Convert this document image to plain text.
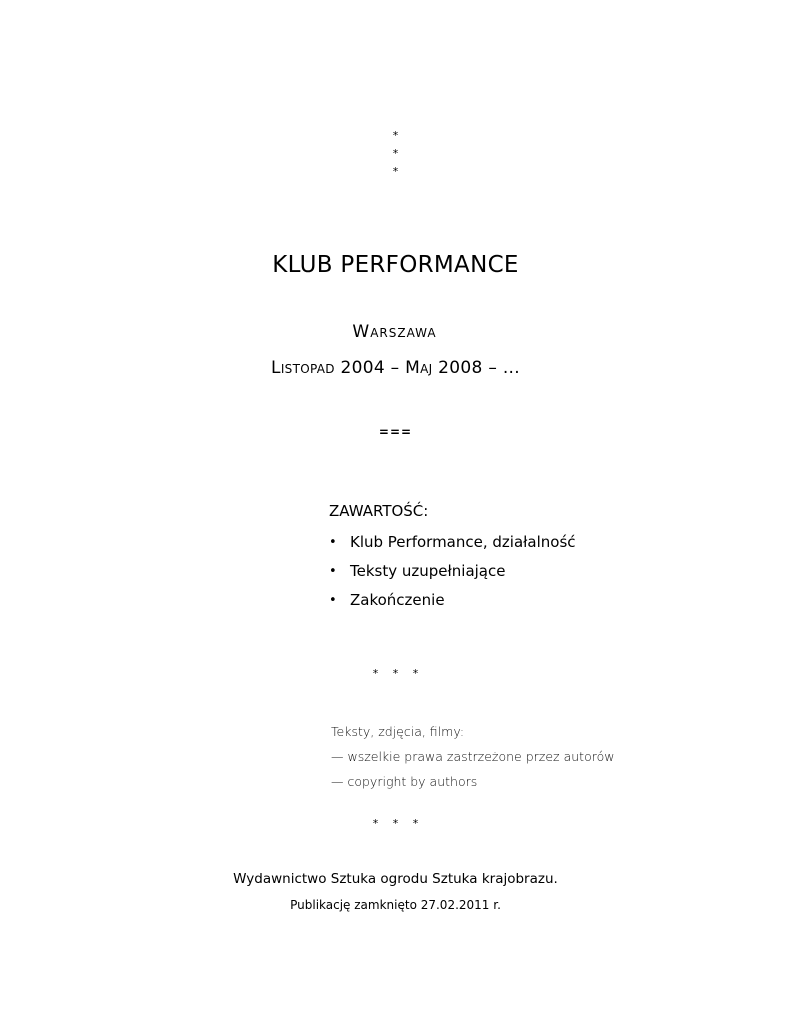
*
*
*
KLUB PERFORMANCE
Warszawa
Listopad 2004 – Maj 2008 – ...
===
ZAWARTOŚĆ:
• Klub Performance, działalność
• Teksty uzupełniające
• Zakończenie
* * *
Teksty, zdjęcia, filmy:
— wszelkie prawa zastrzeżone przez autorów
— copyright by authors
* * *
Wydawnictwo Sztuka ogrodu Sztuka krajobrazu.
Publikację zamknięto 27.02.2011 r.
